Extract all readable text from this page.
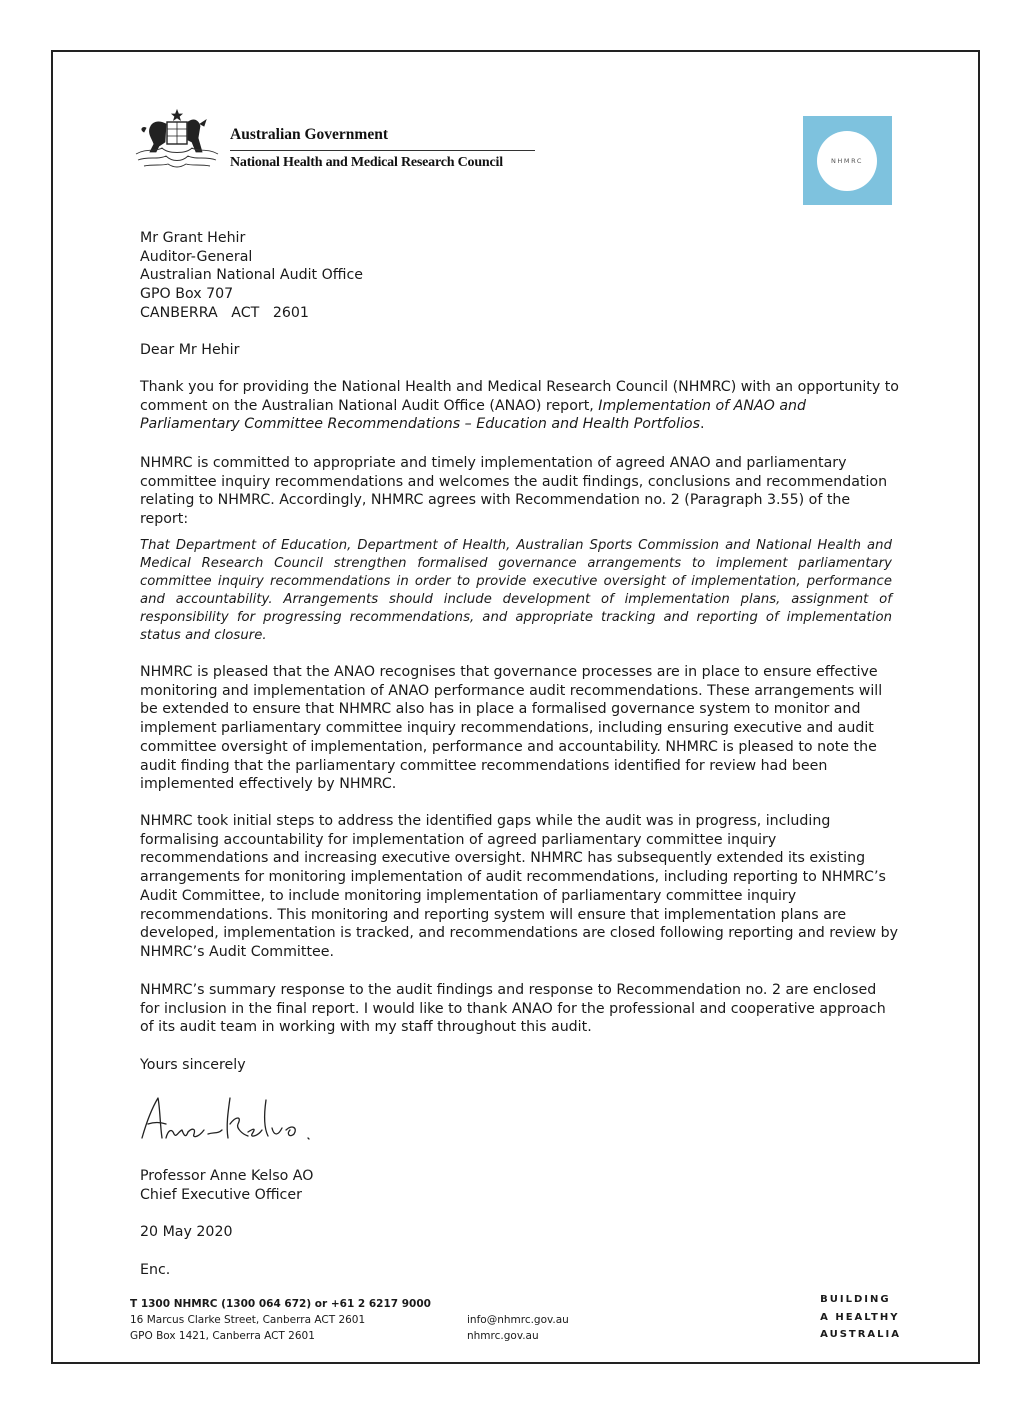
Australian Government
National Health and Medical Research Council	NHMRC
Mr Grant Hehir
Auditor-General
Australian National Audit Office
GPO Box 707
CANBERRA   ACT   2601
Dear Mr Hehir
Thank you for providing the National Health and Medical Research Council (NHMRC) with an opportunity to comment on the Australian National Audit Office (ANAO) report, Implementation of ANAO and Parliamentary Committee Recommendations – Education and Health Portfolios.
NHMRC is committed to appropriate and timely implementation of agreed ANAO and parliamentary committee inquiry recommendations and welcomes the audit findings, conclusions and recommendation relating to NHMRC. Accordingly, NHMRC agrees with Recommendation no. 2 (Paragraph 3.55) of the report:
That Department of Education, Department of Health, Australian Sports Commission and National Health and Medical Research Council strengthen formalised governance arrangements to implement parliamentary committee inquiry recommendations in order to provide executive oversight of implementation, performance and accountability. Arrangements should include development of implementation plans, assignment of responsibility for progressing recommendations, and appropriate tracking and reporting of implementation status and closure.
NHMRC is pleased that the ANAO recognises that governance processes are in place to ensure effective monitoring and implementation of ANAO performance audit recommendations. These arrangements will be extended to ensure that NHMRC also has in place a formalised governance system to monitor and implement parliamentary committee inquiry recommendations, including ensuring executive and audit committee oversight of implementation, performance and accountability. NHMRC is pleased to note the audit finding that the parliamentary committee recommendations identified for review had been implemented effectively by NHMRC.
NHMRC took initial steps to address the identified gaps while the audit was in progress, including formalising accountability for implementation of agreed parliamentary committee inquiry recommendations and increasing executive oversight. NHMRC has subsequently extended its existing arrangements for monitoring implementation of audit recommendations, including reporting to NHMRC’s Audit Committee, to include monitoring implementation of parliamentary committee inquiry recommendations. This monitoring and reporting system will ensure that implementation plans are developed, implementation is tracked, and recommendations are closed following reporting and review by NHMRC’s Audit Committee.
NHMRC’s summary response to the audit findings and response to Recommendation no. 2 are enclosed for inclusion in the final report. I would like to thank ANAO for the professional and cooperative approach of its audit team in working with my staff throughout this audit.
Yours sincerely
Professor Anne Kelso AO
Chief Executive Officer
20 May 2020
Enc.
T 1300 NHMRC (1300 064 672) or +61 2 6217 9000
16 Marcus Clarke Street, Canberra ACT 2601
GPO Box 1421, Canberra ACT 2601
info@nhmrc.gov.au
nhmrc.gov.au
BUILDING
A HEALTHY
AUSTRALIA
